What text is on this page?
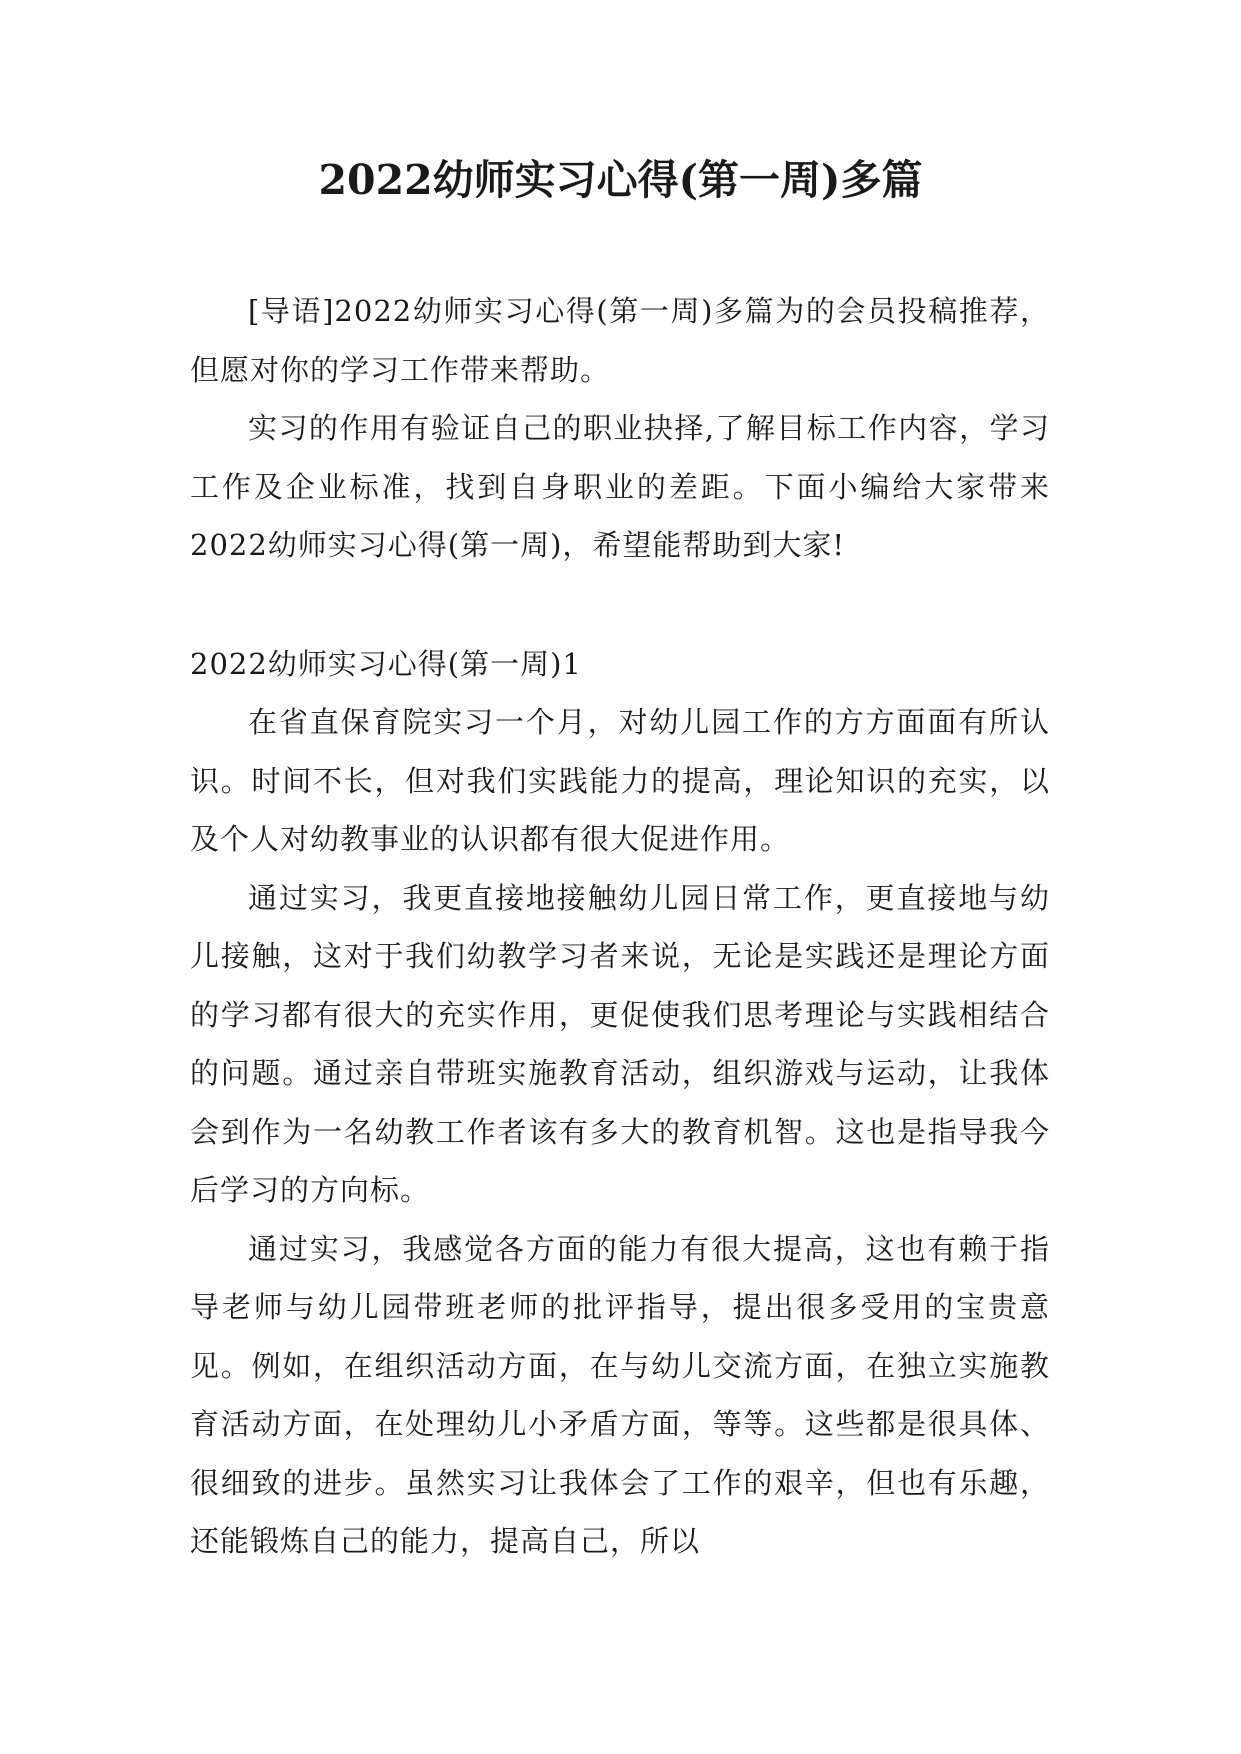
2022幼师实习心得(第一周)多篇

[导语]2022幼师实习心得(第一周)多篇为的会员投稿推荐，但愿对你的学习工作带来帮助。

实习的作用有验证自己的职业抉择,了解目标工作内容，学习工作及企业标准，找到自身职业的差距。下面小编给大家带来2022幼师实习心得(第一周)，希望能帮助到大家!

2022幼师实习心得(第一周)1

在省直保育院实习一个月，对幼儿园工作的方方面面有所认识。时间不长，但对我们实践能力的提高，理论知识的充实，以及个人对幼教事业的认识都有很大促进作用。

通过实习，我更直接地接触幼儿园日常工作，更直接地与幼儿接触，这对于我们幼教学习者来说，无论是实践还是理论方面的学习都有很大的充实作用，更促使我们思考理论与实践相结合的问题。通过亲自带班实施教育活动，组织游戏与运动，让我体会到作为一名幼教工作者该有多大的教育机智。这也是指导我今后学习的方向标。

通过实习，我感觉各方面的能力有很大提高，这也有赖于指导老师与幼儿园带班老师的批评指导，提出很多受用的宝贵意见。例如，在组织活动方面，在与幼儿交流方面，在独立实施教育活动方面，在处理幼儿小矛盾方面，等等。这些都是很具体、很细致的进步。虽然实习让我体会了工作的艰辛，但也有乐趣，还能锻炼自己的能力，提高自己，所以
